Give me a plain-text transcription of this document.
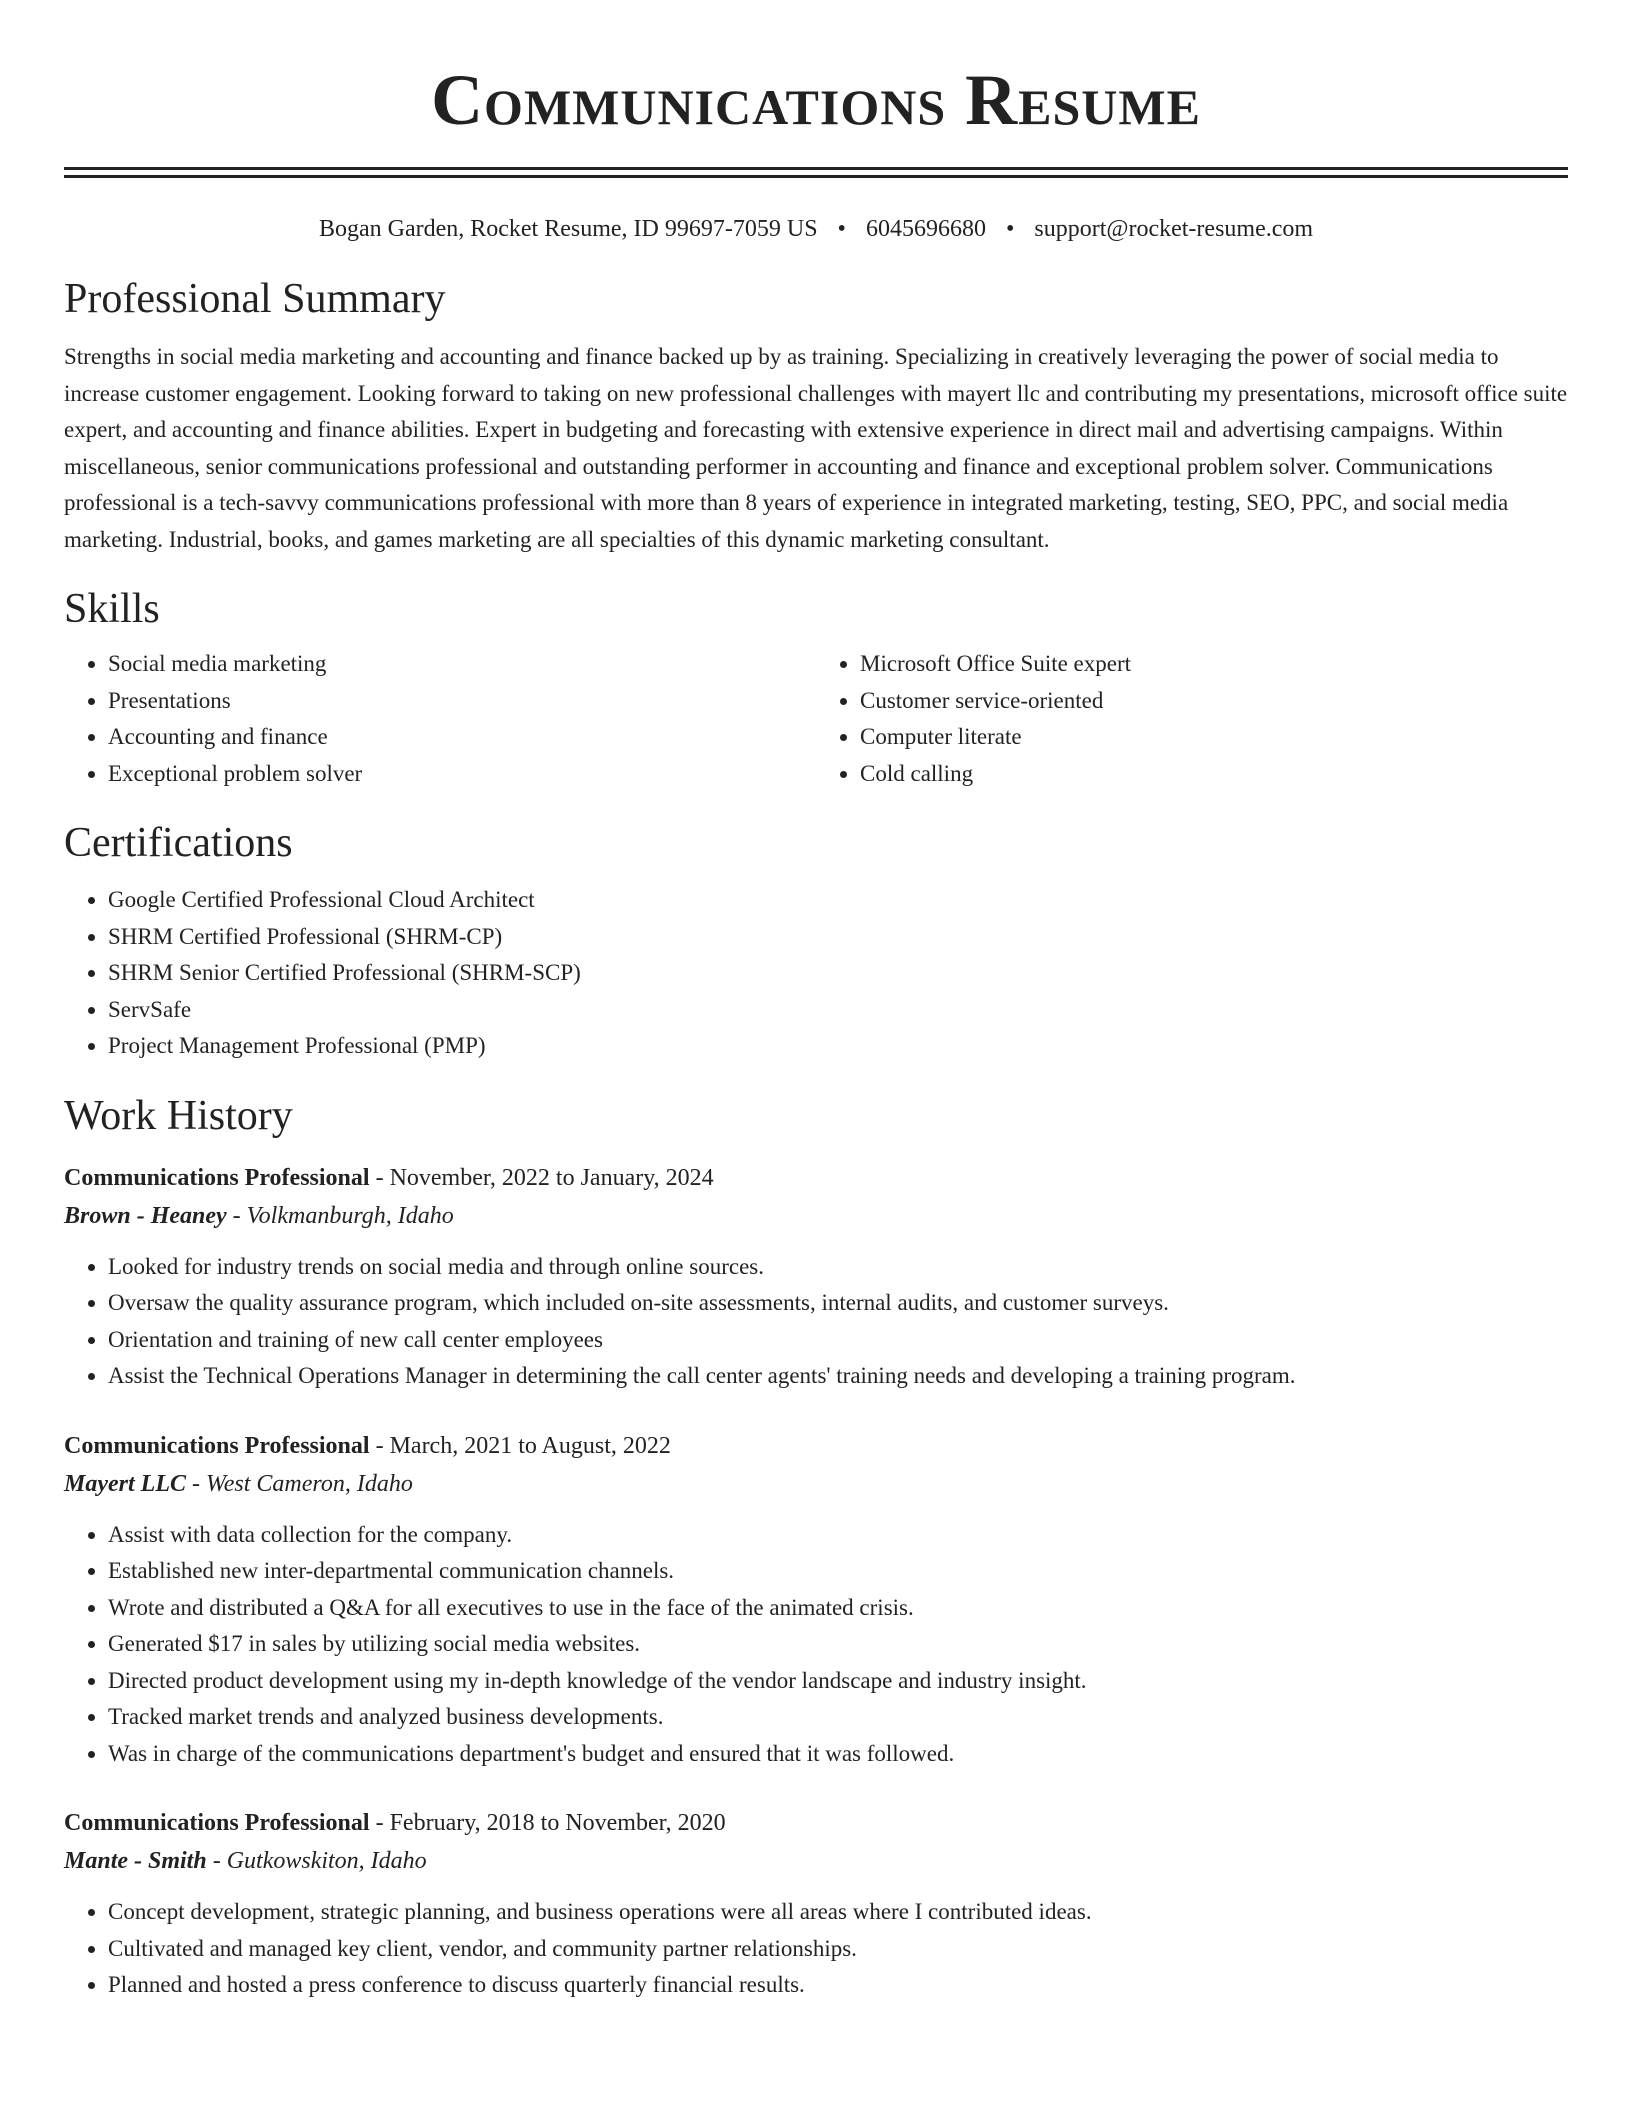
Communications Resume
Bogan Garden, Rocket Resume, ID 99697-7059 US • 6045696680 • support@rocket-resume.com
Professional Summary

Strengths in social media marketing and accounting and finance backed up by as training. Specializing in creatively leveraging the power of social media to increase customer engagement. Looking forward to taking on new professional challenges with mayert llc and contributing my presentations, microsoft office suite expert, and accounting and finance abilities. Expert in budgeting and forecasting with extensive experience in direct mail and advertising campaigns. Within miscellaneous, senior communications professional and outstanding performer in accounting and finance and exceptional problem solver. Communications professional is a tech-savvy communications professional with more than 8 years of experience in integrated marketing, testing, SEO, PPC, and social media marketing. Industrial, books, and games marketing are all specialties of this dynamic marketing consultant.

Skills
• Social media marketing
• Presentations
• Accounting and finance
• Exceptional problem solver
• Microsoft Office Suite expert
• Customer service-oriented
• Computer literate
• Cold calling
Certifications
• Google Certified Professional Cloud Architect
• SHRM Certified Professional (SHRM-CP)
• SHRM Senior Certified Professional (SHRM-SCP)
• ServSafe
• Project Management Professional (PMP)
Work History
Communications Professional - November, 2022 to January, 2024
Brown - Heaney - Volkmanburgh, Idaho
• Looked for industry trends on social media and through online sources.
• Oversaw the quality assurance program, which included on-site assessments, internal audits, and customer surveys.
• Orientation and training of new call center employees
• Assist the Technical Operations Manager in determining the call center agents' training needs and developing a training program.
Communications Professional - March, 2021 to August, 2022
Mayert LLC - West Cameron, Idaho
• Assist with data collection for the company.
• Established new inter-departmental communication channels.
• Wrote and distributed a Q&A for all executives to use in the face of the animated crisis.
• Generated $17 in sales by utilizing social media websites.
• Directed product development using my in-depth knowledge of the vendor landscape and industry insight.
• Tracked market trends and analyzed business developments.
• Was in charge of the communications department's budget and ensured that it was followed.
Communications Professional - February, 2018 to November, 2020
Mante - Smith - Gutkowskiton, Idaho
• Concept development, strategic planning, and business operations were all areas where I contributed ideas.
• Cultivated and managed key client, vendor, and community partner relationships.
• Planned and hosted a press conference to discuss quarterly financial results.
